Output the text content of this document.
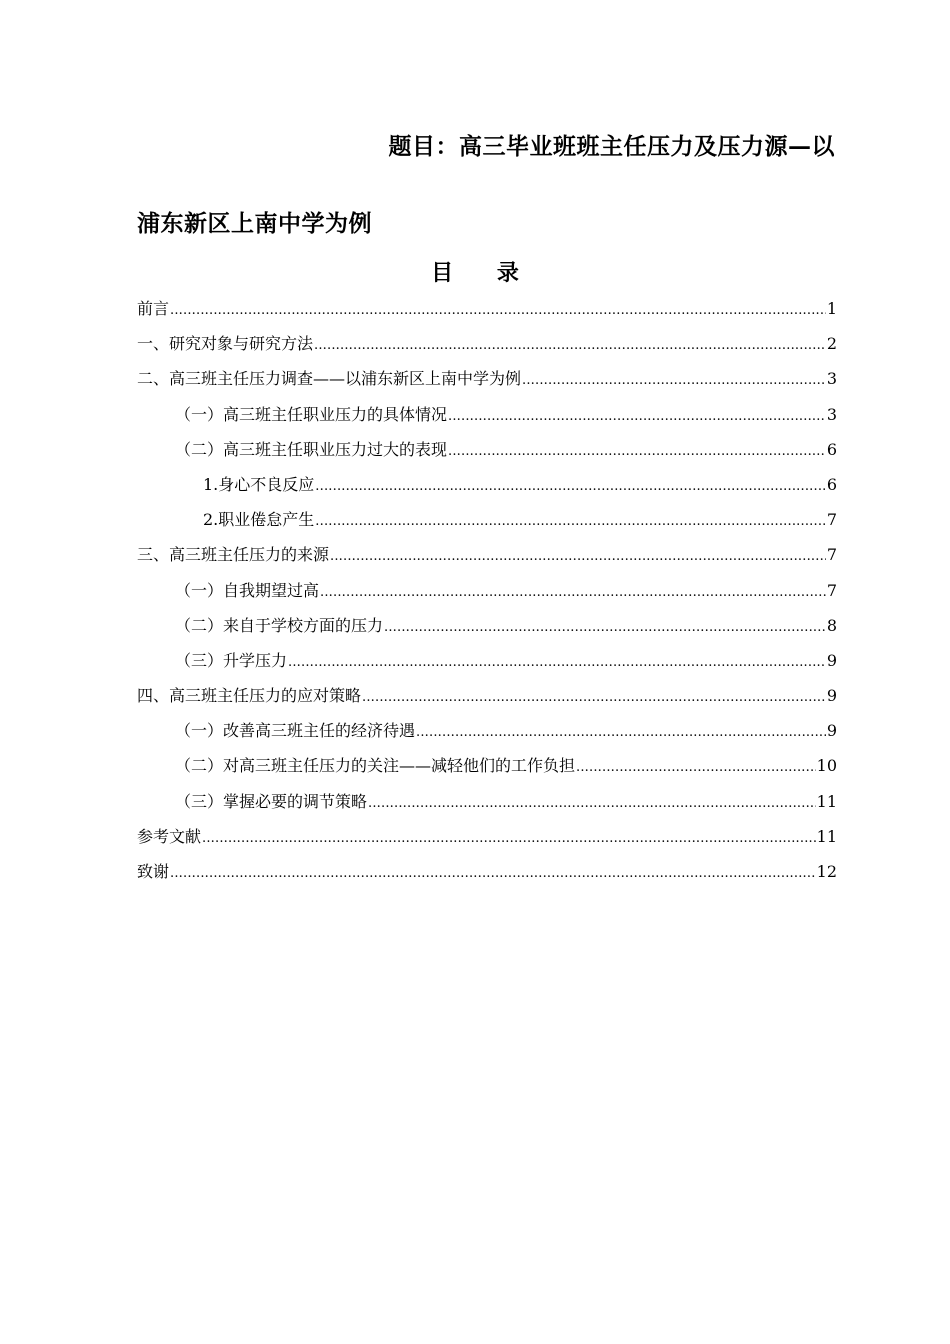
题目：高三毕业班班主任压力及压力源—以
浦东新区上南中学为例
目 录
前言 .....	1
一、研究对象与研究方法 .....	2
二、高三班主任压力调查——以浦东新区上南中学为例 .....	3
（一）高三班主任职业压力的具体情况 .....	3
（二）高三班主任职业压力过大的表现 .....	6
1.身心不良反应 .....	6
2.职业倦怠产生 .....	7
三、高三班主任压力的来源 .....	7
（一）自我期望过高 .....	7
（二）来自于学校方面的压力 .....	8
（三）升学压力 .....	9
四、高三班主任压力的应对策略 .....	9
（一）改善高三班主任的经济待遇 .....	9
（二）对高三班主任压力的关注——减轻他们的工作负担 .....	10
（三）掌握必要的调节策略 .....	11
参考文献 .....	11
致谢 .....	12
